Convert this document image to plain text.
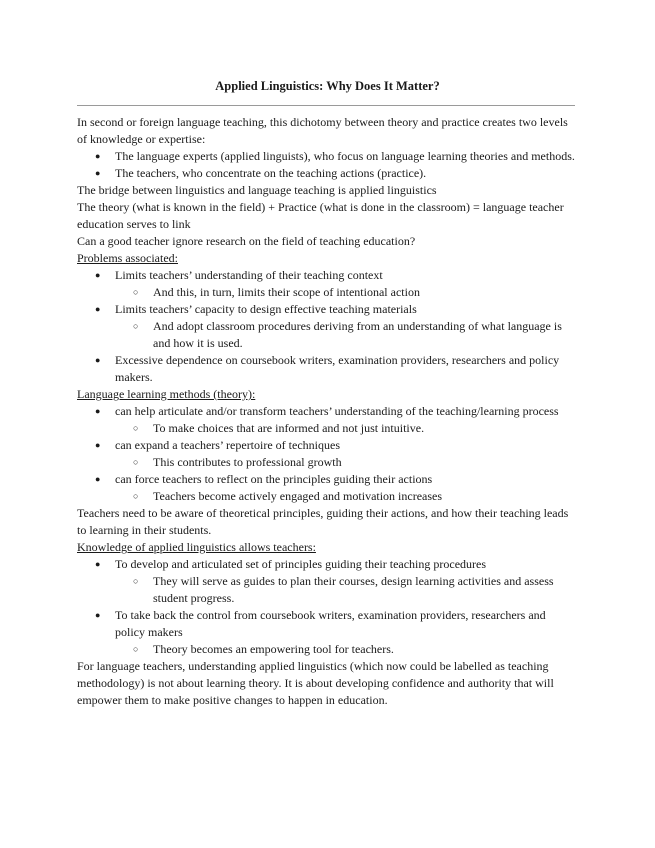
Applied Linguistics: Why Does It Matter?

In second or foreign language teaching, this dichotomy between theory and practice creates two levels of knowledge or expertise:

● The language experts (applied linguists), who focus on language learning theories and methods.
● The teachers, who concentrate on the teaching actions (practice).

The bridge between linguistics and language teaching is applied linguistics

The theory (what is known in the field) + Practice (what is done in the classroom) = language teacher education serves to link

Can a good teacher ignore research on the field of teaching education?

Problems associated:

● Limits teachers’ understanding of their teaching context
○ And this, in turn, limits their scope of intentional action
● Limits teachers’ capacity to design effective teaching materials
○ And adopt classroom procedures deriving from an understanding of what language is and how it is used.
● Excessive dependence on coursebook writers, examination providers, researchers and policy makers.

Language learning methods (theory):

● can help articulate and/or transform teachers’ understanding of the teaching/learning process
○ To make choices that are informed and not just intuitive.
● can expand a teachers’ repertoire of techniques
○ This contributes to professional growth
● can force teachers to reflect on the principles guiding their actions
○ Teachers become actively engaged and motivation increases

Teachers need to be aware of theoretical principles, guiding their actions, and how their teaching leads to learning in their students.

Knowledge of applied linguistics allows teachers:

● To develop and articulated set of principles guiding their teaching procedures
○ They will serve as guides to plan their courses, design learning activities and assess student progress.
● To take back the control from coursebook writers, examination providers, researchers and policy makers
○ Theory becomes an empowering tool for teachers.

For language teachers, understanding applied linguistics (which now could be labelled as teaching methodology) is not about learning theory. It is about developing confidence and authority that will empower them to make positive changes to happen in education.
